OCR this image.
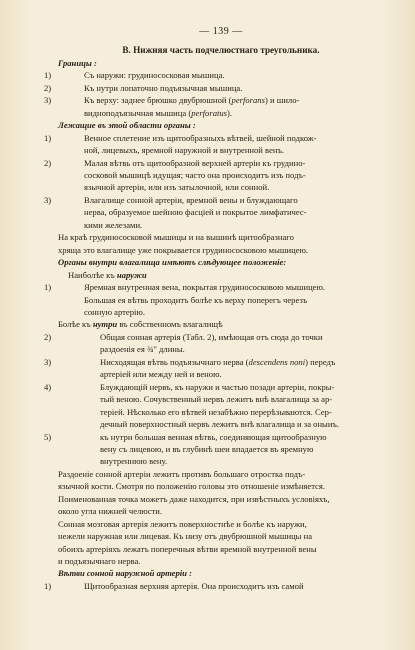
— 139 —
B. Нижняя часть подчелюстнаго треугольника.
Границы :
1)	Съ наружи: грудиносоcковая мышица.
2)	Къ нутри лопаточно подъязычная мышица.
3)	Къ верху: заднее брюшко двубрюшной (perforans) и шило-
видноподъязычная мышица (perforatus).
Лежащие въ этой области органы :
1)	Венное сплетение изъ щитообразныхъ вѣтвей, шейной подкож-
ной, лицевыхъ, яремной наружной и внутренной венъ.
2)	Малая вѣтвь отъ щитообразной верхней артеріи къ грудино-
сосковой мышицѣ идущая; часто она происходитъ изъ подъ-
язычной артеріи, или изъ затылочной, или сонной.
3)	Влагалище сонной артеріи, яремной вены и блуждающаго
нерва, образуемое шейною фасціей и покрытое лимфатичес-
кими железами.
На краѣ грудиносоcковой мышицы и на вышинѣ щитообразнаго
хряща это влагалище уже покрывается грудиносоcковою мышицею.
Органы внутри влагалища имѣютъ слѣдующее положеніе:
Наиболѣе къ наружи
1)	Яремная внутренная вена, покрытая грудиносоcковою мышицею.
Большая ея вѣтвь проходитъ болѣе къ верху поперегъ черезъ
сонную артерію.
Болѣе къ нутри въ собственномъ влагалищѣ
2)	Общая сонная артерія (Табл. 2), имѣющая отъ сюда до точки
раздоенія ея ¾" длины.
3)	Нисходящая вѣтвь подъязычнаго нерва (descendens noni) передъ
артеріей или между ней и веною.
4)	Блуждающій нервъ, къ наружи и частью позади артеріи, покры-
тый веною. Сочувственный нервъ лежитъ внѣ влагалища за ар-
теріей. Нѣсколько его вѣтвей незабѣжно перерѣзываются. Сер-
дечный поверхностный нервъ лежитъ внѣ влагалища и за оныиъ.
5)	къ нутри большая венная вѣтвь, соединяющая щитообразную
вену съ лицевою, и въ глубинѣ шеи впадается въ яремную
внутреннюю вену.
Раздоеніе сонной артеріи лежитъ противъ большаго отростка подъ-
язычной кости. Смотря по положенію головы это отношеніе измѣняется.
Поименованная точка можетъ даже находится, при извѣстныхъ условіяхъ,
около угла нижней челюсти.
Сонная мозговая артерія лежитъ поверхностнѣе и болѣе къ наружи,
нежели наружная или лицевая. Къ низу отъ двубрюшной мышицы на
обоихъ артеріяхъ лежатъ поперечныя вѣтви яремной внутренной вены
и подъязычнаго нерва.
Вѣтви сонной наружной артеріи :
1)	Щитообразная верхняя артерія. Она происходитъ изъ самой
